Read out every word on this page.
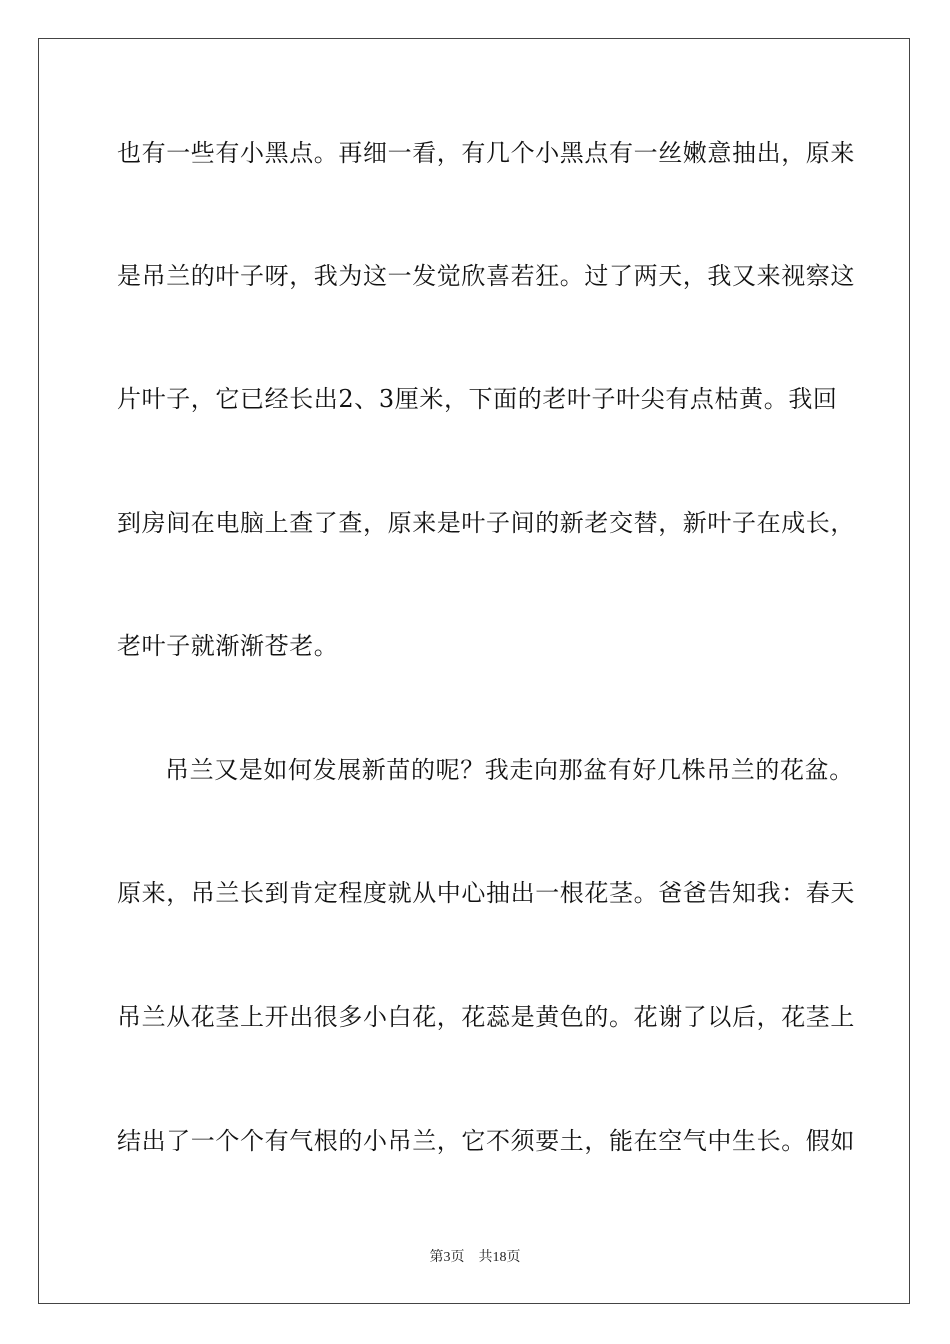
也有一些有小黑点。再细一看，有几个小黑点有一丝嫩意抽出，原来
是吊兰的叶子呀，我为这一发觉欣喜若狂。过了两天，我又来视察这
片叶子，它已经长出2、3厘米，下面的老叶子叶尖有点枯黄。我回
到房间在电脑上查了查，原来是叶子间的新老交替，新叶子在成长，
老叶子就渐渐苍老。
吊兰又是如何发展新苗的呢？我走向那盆有好几株吊兰的花盆。
原来，吊兰长到肯定程度就从中心抽出一根花茎。爸爸告知我：春天
吊兰从花茎上开出很多小白花，花蕊是黄色的。花谢了以后，花茎上
结出了一个个有气根的小吊兰，它不须要土，能在空气中生长。假如
第3页 共18页
